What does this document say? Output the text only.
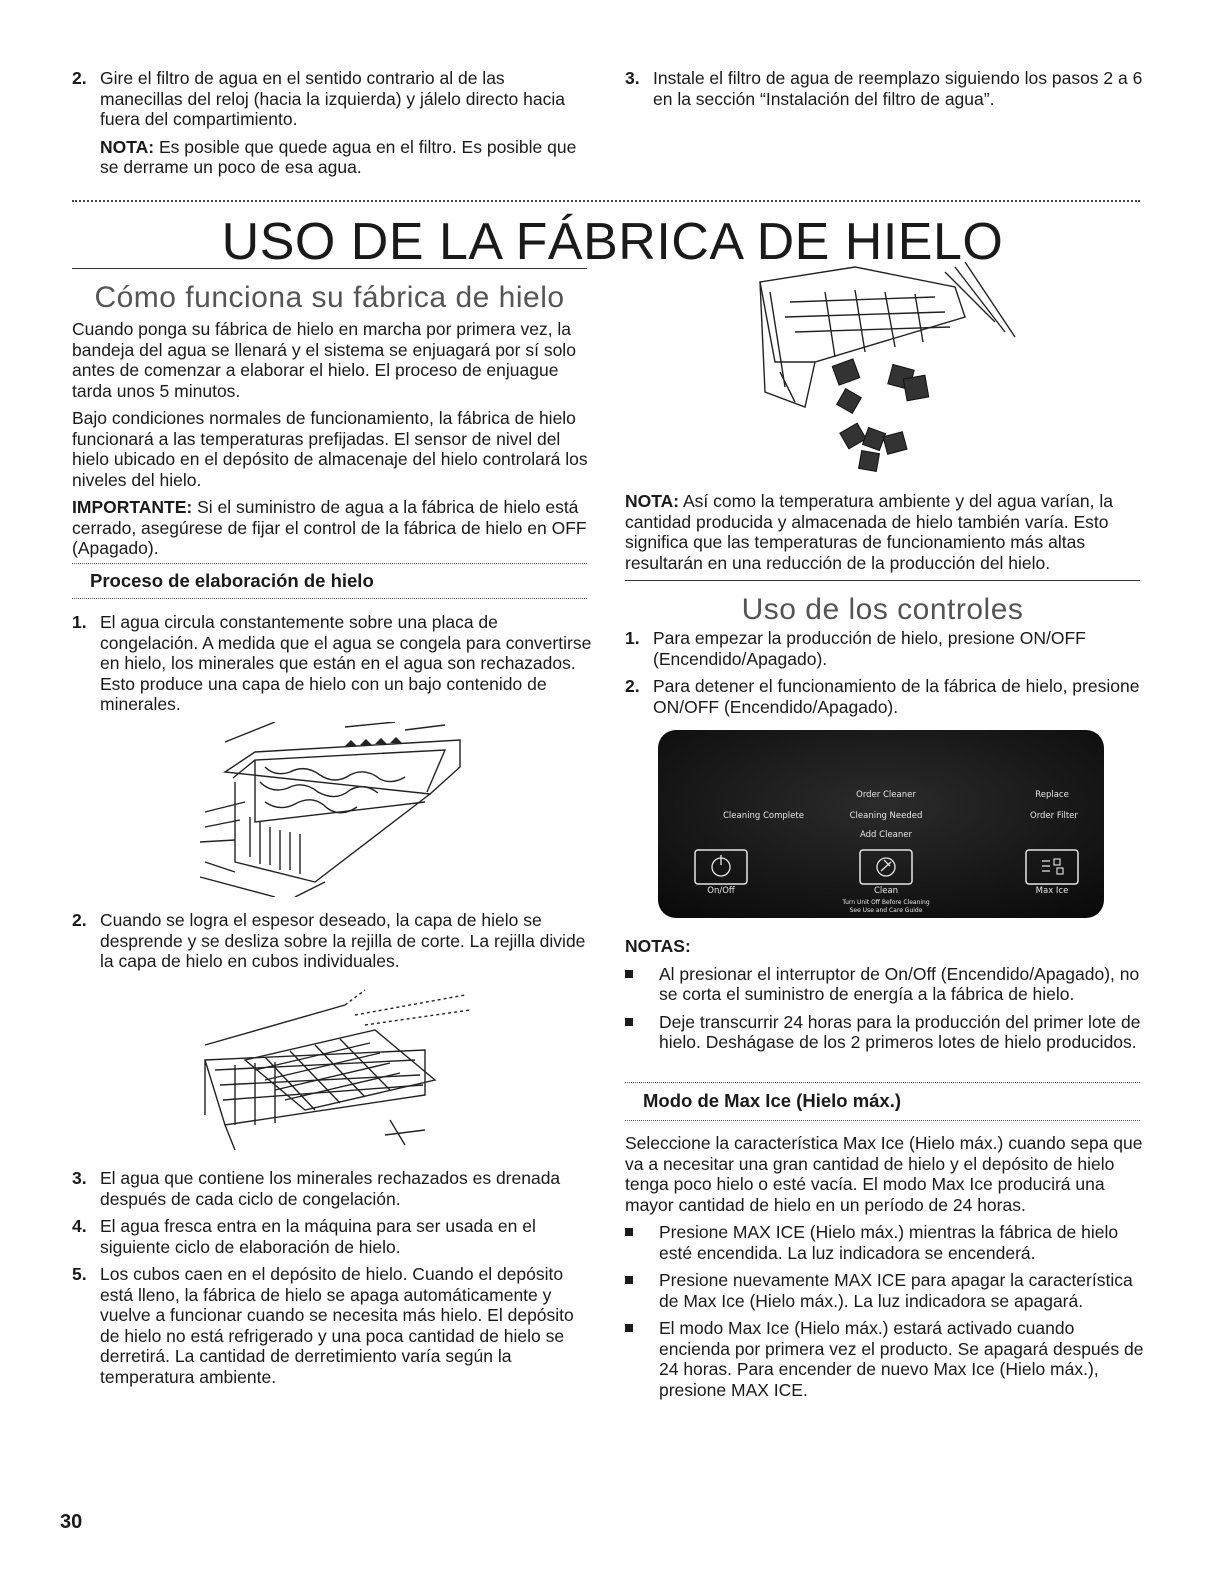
2. Gire el filtro de agua en el sentido contrario al de las manecillas del reloj (hacia la izquierda) y jálelo directo hacia fuera del compartimiento.

NOTA: Es posible que quede agua en el filtro. Es posible que se derrame un poco de esa agua.

3. Instale el filtro de agua de reemplazo siguiendo los pasos 2 a 6 en la sección “Instalación del filtro de agua”.
USO DE LA FÁBRICA DE HIELO
Cómo funciona su fábrica de hielo

Cuando ponga su fábrica de hielo en marcha por primera vez, la bandeja del agua se llenará y el sistema se enjuagará por sí solo antes de comenzar a elaborar el hielo. El proceso de enjuague tarda unos 5 minutos.

Bajo condiciones normales de funcionamiento, la fábrica de hielo funcionará a las temperaturas prefijadas. El sensor de nivel del hielo ubicado en el depósito de almacenaje del hielo controlará los niveles del hielo.

IMPORTANTE: Si el suministro de agua a la fábrica de hielo está cerrado, asegúrese de fijar el control de la fábrica de hielo en OFF (Apagado).

Proceso de elaboración de hielo
1. El agua circula constantemente sobre una placa de congelación. A medida que el agua se congela para convertirse en hielo, los minerales que están en el agua son rechazados. Esto produce una capa de hielo con un bajo contenido de minerales.
2. Cuando se logra el espesor deseado, la capa de hielo se desprende y se desliza sobre la rejilla de corte. La rejilla divide la capa de hielo en cubos individuales.
3. El agua que contiene los minerales rechazados es drenada después de cada ciclo de congelación.
4. El agua fresca entra en la máquina para ser usada en el siguiente ciclo de elaboración de hielo.
5. Los cubos caen en el depósito de hielo. Cuando el depósito está lleno, la fábrica de hielo se apaga automáticamente y vuelve a funcionar cuando se necesita más hielo. El depósito de hielo no está refrigerado y una poca cantidad de hielo se derretirá. La cantidad de derretimiento varía según la temperatura ambiente.
30

NOTA: Así como la temperatura ambiente y del agua varían, la cantidad producida y almacenada de hielo también varía. Esto significa que las temperaturas de funcionamiento más altas resultarán en una reducción de la producción del hielo.

Uso de los controles
1. Para empezar la producción de hielo, presione ON/OFF (Encendido/Apagado).
2. Para detener el funcionamiento de la fábrica de hielo, presione ON/OFF (Encendido/Apagado).
Cleaning Complete
Order Cleaner
Cleaning Needed
Add Cleaner
Replace
Order Filter
On/Off	Clean
Turn Unit Off Before Cleaning
See Use and Care Guide
Max Ice
NOTAS:
Al presionar el interruptor de On/Off (Encendido/Apagado), no se corta el suministro de energía a la fábrica de hielo.
Deje transcurrir 24 horas para la producción del primer lote de hielo. Deshágase de los 2 primeros lotes de hielo producidos.
Modo de Max Ice (Hielo máx.)

Seleccione la característica Max Ice (Hielo máx.) cuando sepa que va a necesitar una gran cantidad de hielo y el depósito de hielo tenga poco hielo o esté vacía. El modo Max Ice producirá una mayor cantidad de hielo en un período de 24 horas.

Presione MAX ICE (Hielo máx.) mientras la fábrica de hielo esté encendida. La luz indicadora se encenderá.
Presione nuevamente MAX ICE para apagar la característica de Max Ice (Hielo máx.). La luz indicadora se apagará.
El modo Max Ice (Hielo máx.) estará activado cuando encienda por primera vez el producto. Se apagará después de 24 horas. Para encender de nuevo Max Ice (Hielo máx.), presione MAX ICE.
